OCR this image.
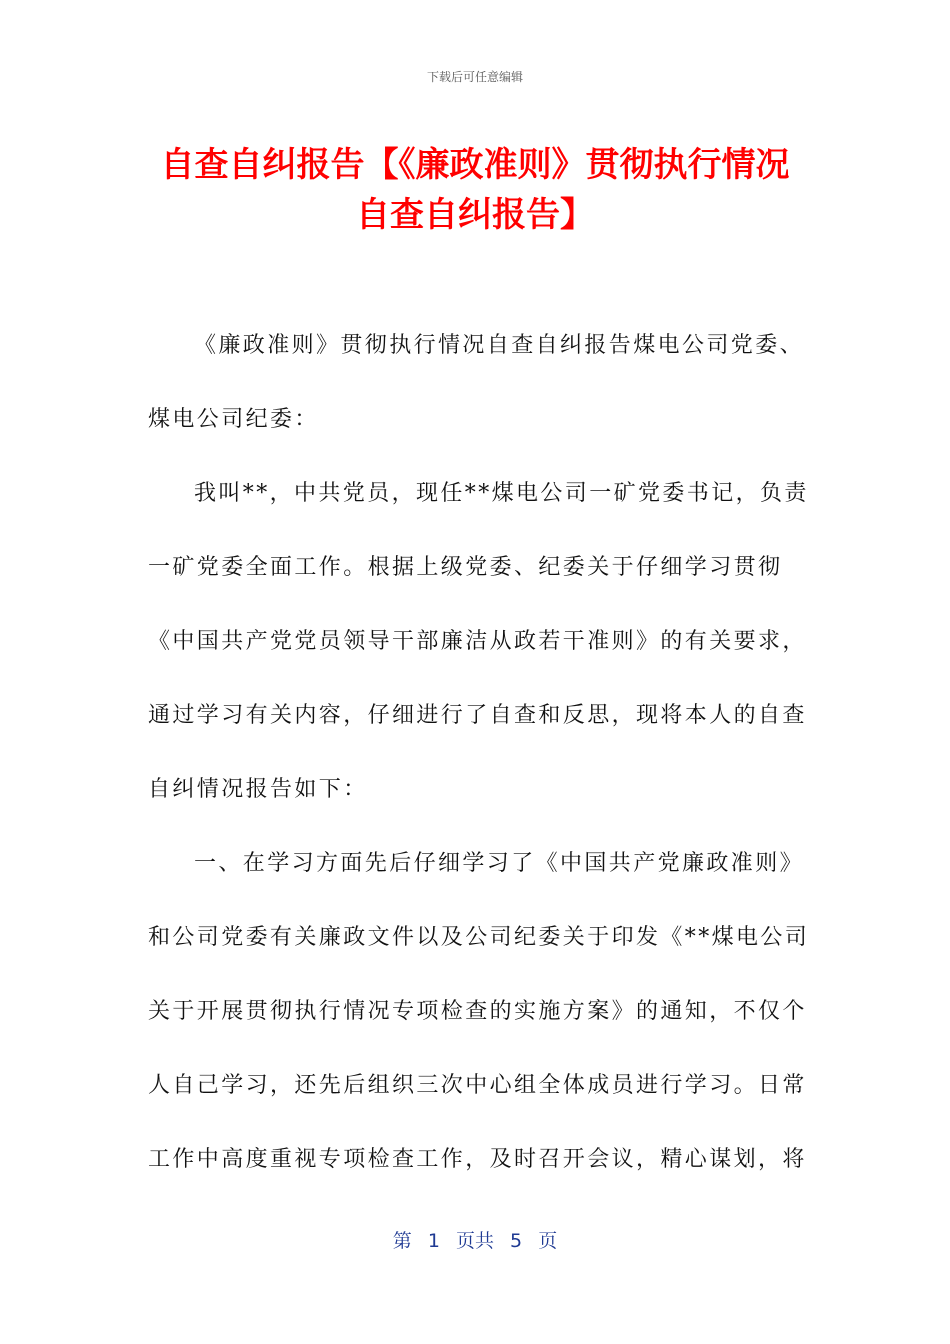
下载后可任意编辑
自查自纠报告【《廉政准则》贯彻执行情况
自查自纠报告】
《廉政准则》贯彻执行情况自查自纠报告煤电公司党委、
煤电公司纪委：
我叫**，中共党员，现任**煤电公司一矿党委书记，负责
一矿党委全面工作。根据上级党委、纪委关于仔细学习贯彻
《中国共产党党员领导干部廉洁从政若干准则》的有关要求，
通过学习有关内容，仔细进行了自查和反思，现将本人的自查
自纠情况报告如下：
一、在学习方面先后仔细学习了《中国共产党廉政准则》
和公司党委有关廉政文件以及公司纪委关于印发《**煤电公司
关于开展贯彻执行情况专项检查的实施方案》的通知，不仅个
人自己学习，还先后组织三次中心组全体成员进行学习。日常
工作中高度重视专项检查工作，及时召开会议，精心谋划，将
第 1 页共 5 页
